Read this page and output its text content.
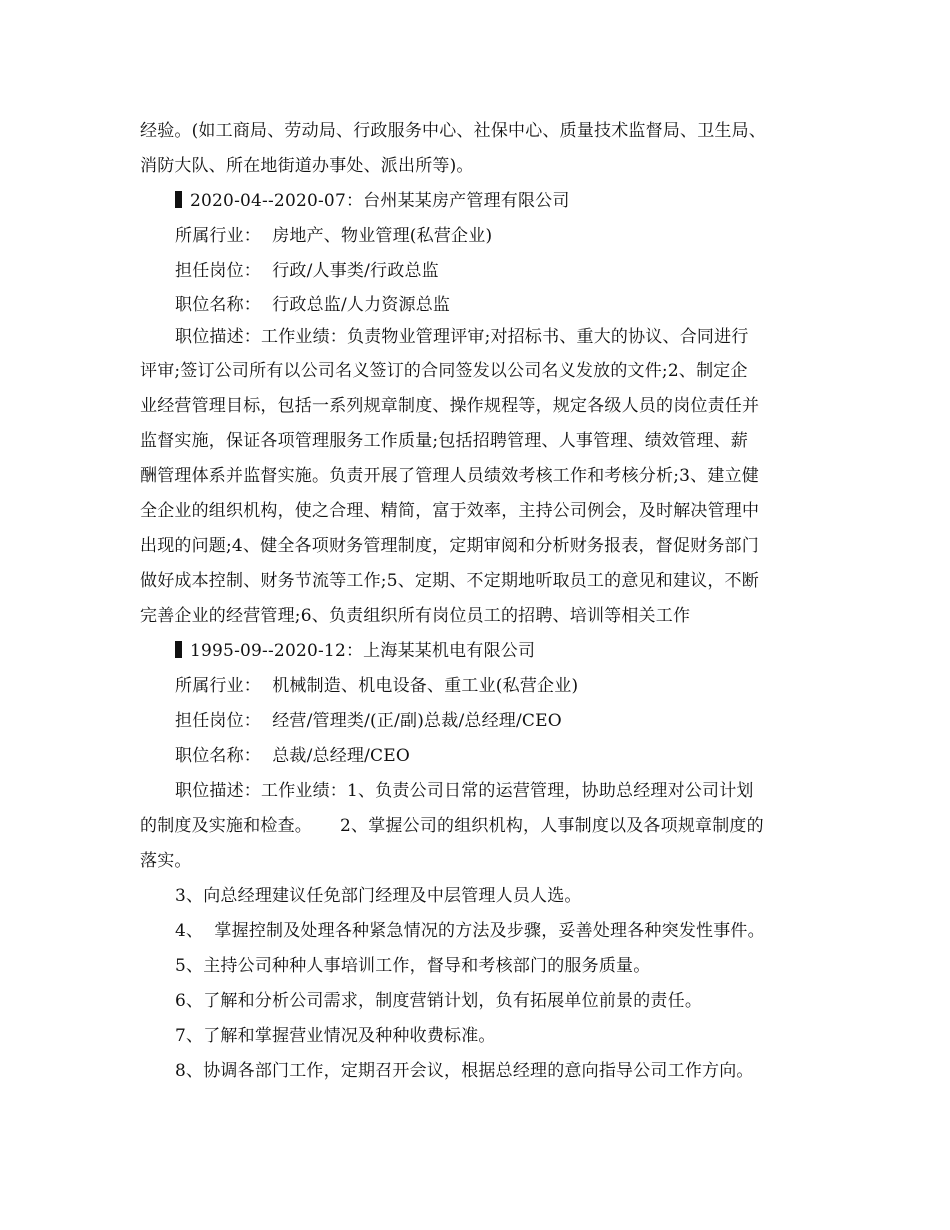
经验。(如工商局、劳动局、行政服务中心、社保中心、质量技术监督局、卫生局、
消防大队、所在地街道办事处、派出所等)。
2020-04--2020-07：台州某某房产管理有限公司
所属行业：  房地产、物业管理(私营企业)
担任岗位：  行政/人事类/行政总监
职位名称：  行政总监/人力资源总监
职位描述：工作业绩：负责物业管理评审;对招标书、重大的协议、合同进行
评审;签订公司所有以公司名义签订的合同签发以公司名义发放的文件;2、制定企
业经营管理目标，包括一系列规章制度、操作规程等，规定各级人员的岗位责任并
监督实施，保证各项管理服务工作质量;包括招聘管理、人事管理、绩效管理、薪
酬管理体系并监督实施。负责开展了管理人员绩效考核工作和考核分析;3、建立健
全企业的组织机构，使之合理、精简，富于效率，主持公司例会，及时解决管理中
出现的问题;4、健全各项财务管理制度，定期审阅和分析财务报表，督促财务部门
做好成本控制、财务节流等工作;5、定期、不定期地听取员工的意见和建议，不断
完善企业的经营管理;6、负责组织所有岗位员工的招聘、培训等相关工作
1995-09--2020-12：上海某某机电有限公司
所属行业：  机械制造、机电设备、重工业(私营企业)
担任岗位：  经营/管理类/(正/副)总裁/总经理/CEO
职位名称：  总裁/总经理/CEO
职位描述：工作业绩：1、负责公司日常的运营管理，协助总经理对公司计划
的制度及实施和检查。     2、掌握公司的组织机构，人事制度以及各项规章制度的
落实。
3、向总经理建议任免部门经理及中层管理人员人选。
4、  掌握控制及处理各种紧急情况的方法及步骤，妥善处理各种突发性事件。
5、主持公司种种人事培训工作，督导和考核部门的服务质量。
6、了解和分析公司需求，制度营销计划，负有拓展单位前景的责任。
7、了解和掌握营业情况及种种收费标准。
8、协调各部门工作，定期召开会议，根据总经理的意向指导公司工作方向。
